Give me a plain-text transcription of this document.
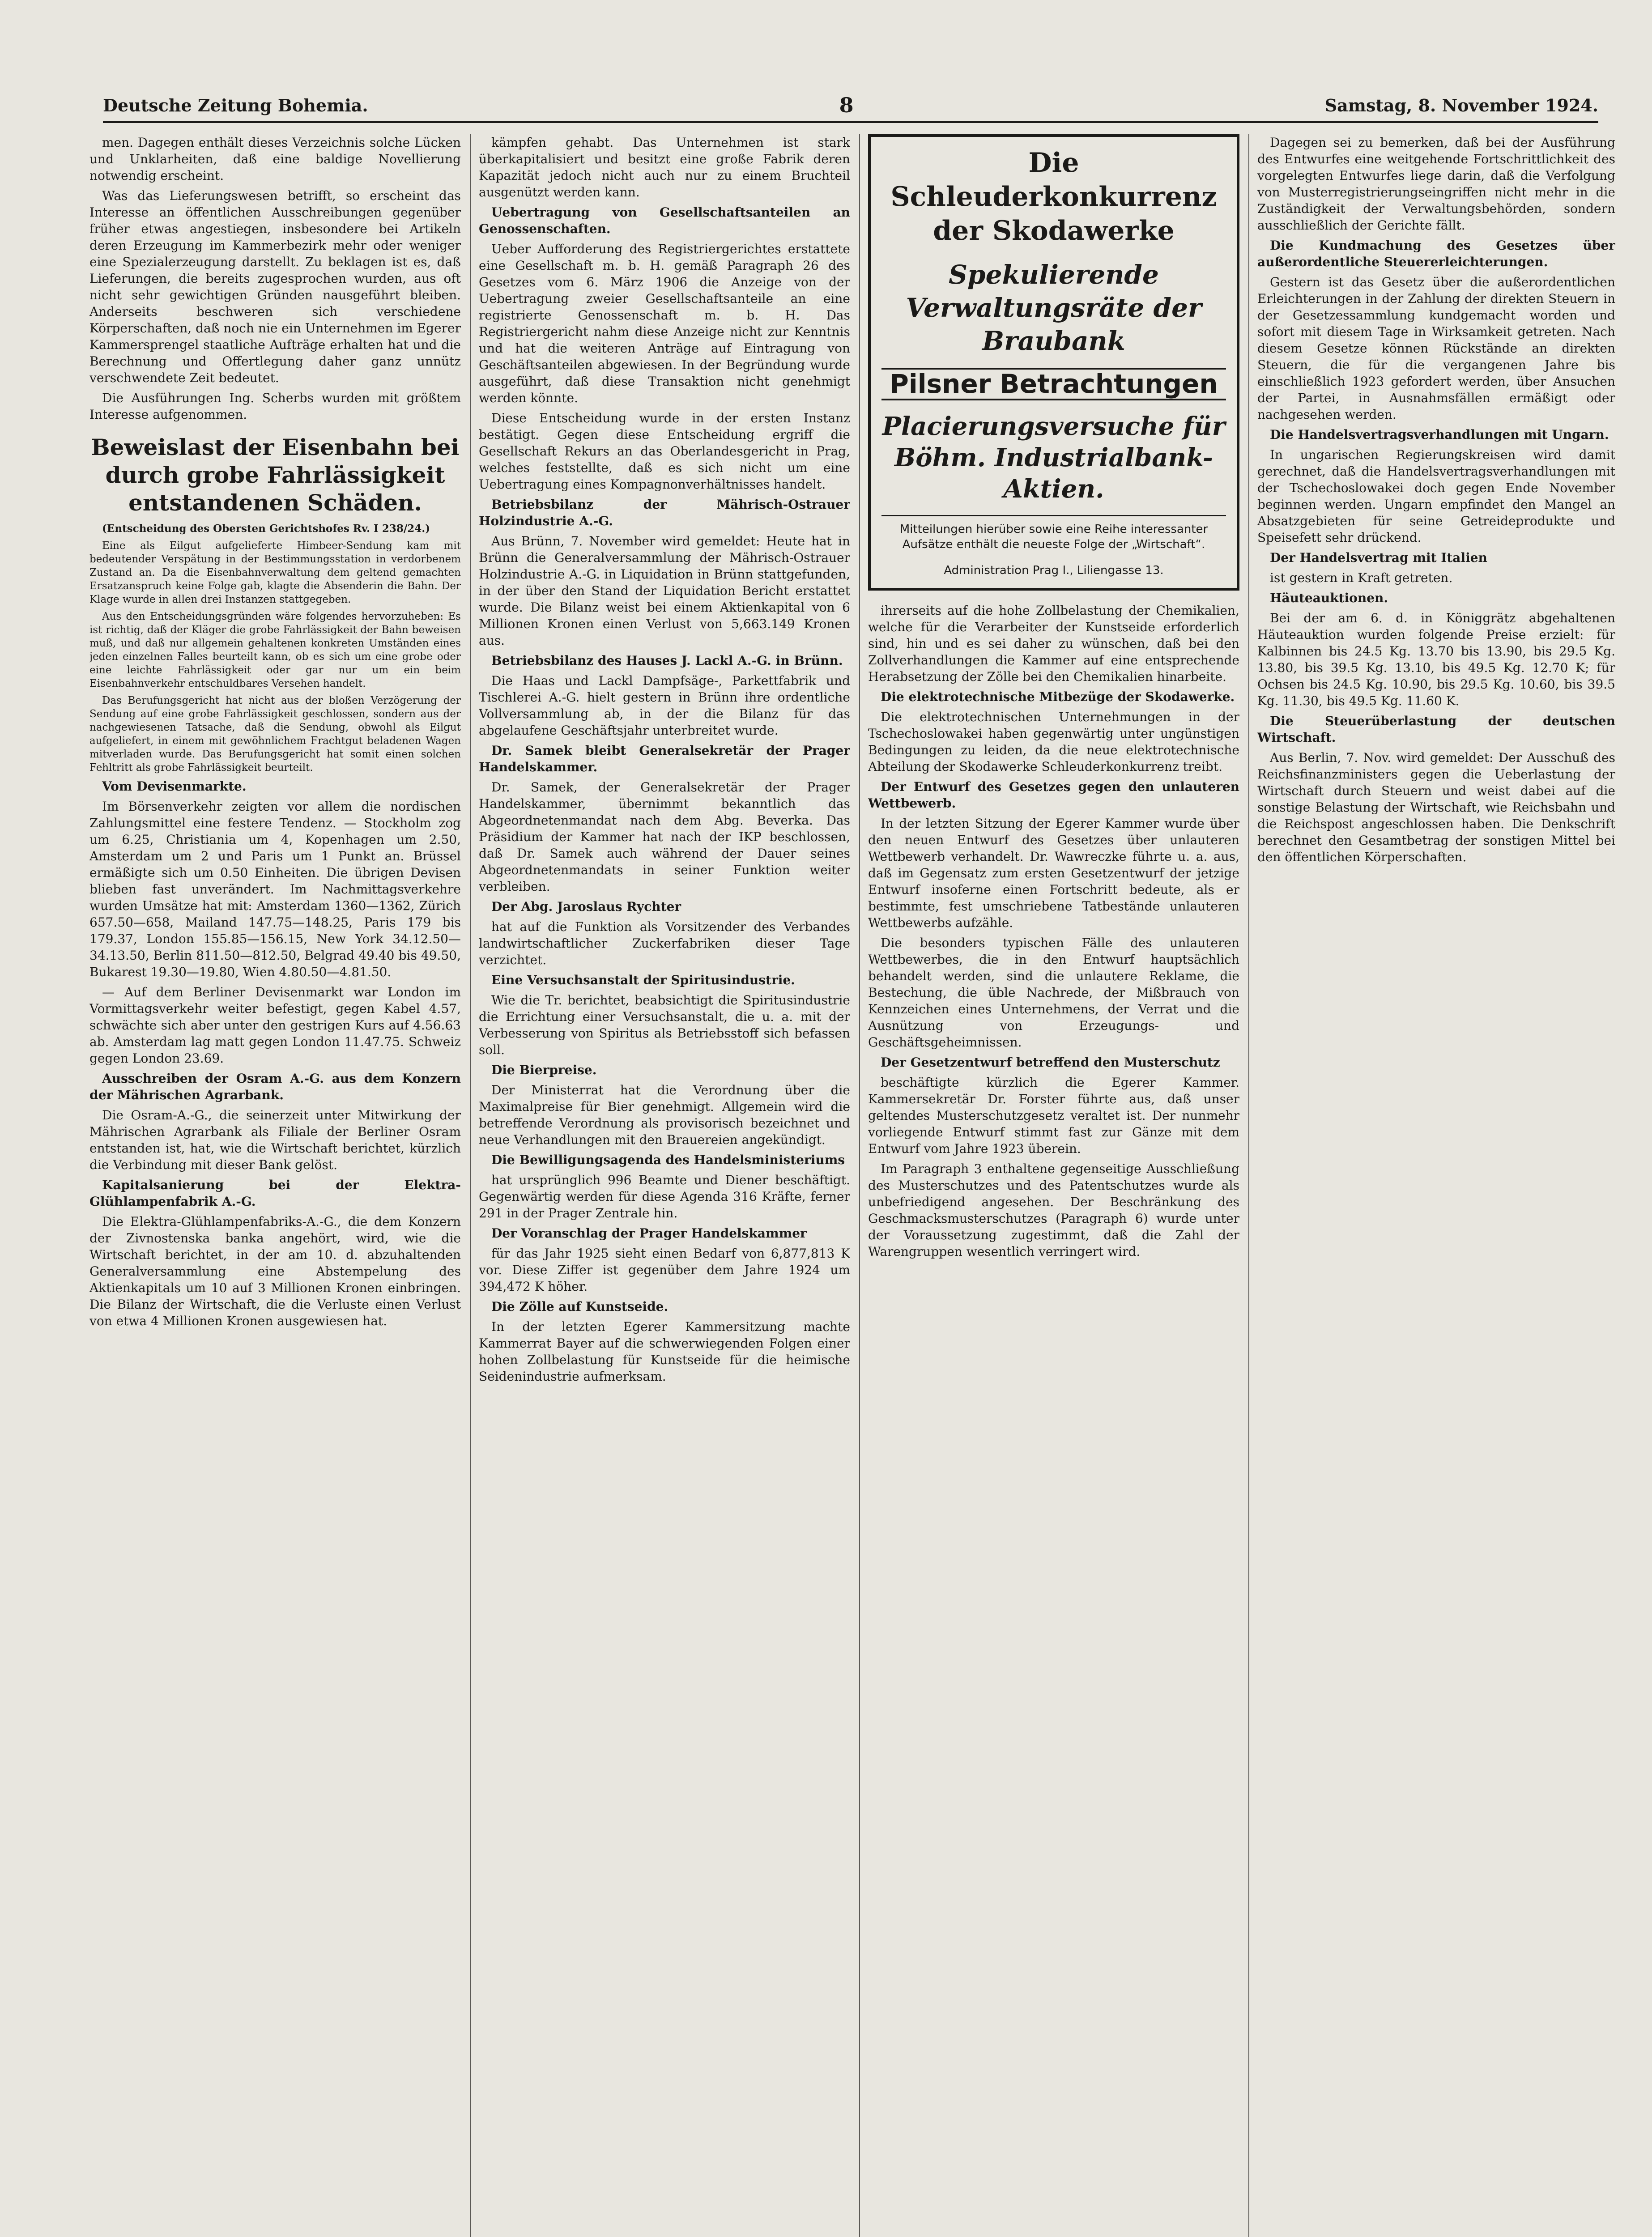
Deutsche Zeitung Bohemia.	8	Samstag, 8. November 1924.

men. Dagegen enthält dieses Verzeichnis solche Lücken und Unklarheiten, daß eine baldige Novellierung notwendig erscheint.

Was das Lieferungswesen betrifft, so erscheint das Interesse an öffentlichen Ausschreibungen gegenüber früher etwas angestiegen, insbesondere bei Artikeln deren Erzeugung im Kammerbezirk mehr oder weniger eine Spezialerzeugung darstellt. Zu beklagen ist es, daß Lieferungen, die bereits zugesprochen wurden, aus oft nicht sehr gewichtigen Gründen nausgeführt bleiben. Anderseits beschweren sich verschiedene Körperschaften, daß noch nie ein Unternehmen im Egerer Kammersprengel staatliche Aufträge erhalten hat und die Berechnung und Offertlegung daher ganz unnütz verschwendete Zeit bedeutet.

Die Ausführungen Ing. Scherbs wurden mit größtem Interesse aufgenommen.

Beweislast der Eisenbahn bei durch grobe Fahrlässigkeit entstandenen Schäden.

(Entscheidung des Obersten Gerichtshofes Rv. I 238/24.)

Eine als Eilgut aufgelieferte Himbeer-Sendung kam mit bedeutender Verspätung in der Bestimmungsstation in verdorbenem Zustand an. Da die Eisenbahnverwaltung dem geltend gemachten Ersatzanspruch keine Folge gab, klagte die Absenderin die Bahn. Der Klage wurde in allen drei Instanzen stattgegeben.

Aus den Entscheidungsgründen wäre folgendes hervorzuheben: Es ist richtig, daß der Kläger die grobe Fahrlässigkeit der Bahn beweisen muß, und daß nur allgemein gehaltenen konkreten Umständen eines jeden einzelnen Falles beurteilt kann, ob es sich um eine grobe oder eine leichte Fahrlässigkeit oder gar nur um ein beim Eisenbahnverkehr entschuldbares Versehen handelt.

Das Berufungsgericht hat nicht aus der bloßen Verzögerung der Sendung auf eine grobe Fahrlässigkeit geschlossen, sondern aus der nachgewiesenen Tatsache, daß die Sendung, obwohl als Eilgut aufgeliefert, in einem mit gewöhnlichem Frachtgut beladenen Wagen mitverladen wurde. Das Berufungsgericht hat somit einen solchen Fehltritt als grobe Fahrlässigkeit beurteilt.

Vom Devisenmarkte.

Im Börsenverkehr zeigten vor allem die nordischen Zahlungsmittel eine festere Tendenz. — Stockholm zog um 6.25, Christiania um 4, Kopenhagen um 2.50, Amsterdam um 2 und Paris um 1 Punkt an. Brüssel ermäßigte sich um 0.50 Einheiten. Die übrigen Devisen blieben fast unverändert. Im Nachmittagsverkehre wurden Umsätze hat mit: Amsterdam 1360—1362, Zürich 657.50—658, Mailand 147.75—148.25, Paris 179 bis 179.37, London 155.85—156.15, New York 34.12.50—34.13.50, Berlin 811.50—812.50, Belgrad 49.40 bis 49.50, Bukarest 19.30—19.80, Wien 4.80.50—4.81.50.

— Auf dem Berliner Devisenmarkt war London im Vormittagsverkehr weiter befestigt, gegen Kabel 4.57, schwächte sich aber unter den gestrigen Kurs auf 4.56.63 ab. Amsterdam lag matt gegen London 11.47.75. Schweiz gegen London 23.69.

Ausschreiben der Osram A.-G. aus dem Konzern der Mährischen Agrarbank.

Die Osram-A.-G., die seinerzeit unter Mitwirkung der Mährischen Agrarbank als Filiale der Berliner Osram entstanden ist, hat, wie die Wirtschaft berichtet, kürzlich die Verbindung mit dieser Bank gelöst.

Kapitalsanierung bei der Elektra-Glühlampenfabrik A.-G.

Die Elektra-Glühlampenfabriks-A.-G., die dem Konzern der Zivnostenska banka angehört, wird, wie die Wirtschaft berichtet, in der am 10. d. abzuhaltenden Generalversammlung eine Abstempelung des Aktienkapitals um 10 auf 3 Millionen Kronen einbringen. Die Bilanz der Wirtschaft, die die Verluste einen Verlust von etwa 4 Millionen Kronen ausgewiesen hat.

kämpfen gehabt. Das Unternehmen ist stark überkapitalisiert und besitzt eine große Fabrik deren Kapazität jedoch nicht auch nur zu einem Bruchteil ausgenützt werden kann.

Uebertragung von Gesellschaftsanteilen an Genossenschaften.

Ueber Aufforderung des Registriergerichtes erstattete eine Gesellschaft m. b. H. gemäß Paragraph 26 des Gesetzes vom 6. März 1906 die Anzeige von der Uebertragung zweier Gesellschaftsanteile an eine registrierte Genossenschaft m. b. H. Das Registriergericht nahm diese Anzeige nicht zur Kenntnis und hat die weiteren Anträge auf Eintragung von Geschäftsanteilen abgewiesen. In der Begründung wurde ausgeführt, daß diese Transaktion nicht genehmigt werden könnte.

Diese Entscheidung wurde in der ersten Instanz bestätigt. Gegen diese Entscheidung ergriff die Gesellschaft Rekurs an das Oberlandesgericht in Prag, welches feststellte, daß es sich nicht um eine Uebertragung eines Kompagnonverhältnisses handelt.

Betriebsbilanz der Mährisch-Ostrauer Holzindustrie A.-G.

Aus Brünn, 7. November wird gemeldet: Heute hat in Brünn die Generalversammlung der Mährisch-Ostrauer Holzindustrie A.-G. in Liquidation in Brünn stattgefunden, in der über den Stand der Liquidation Bericht erstattet wurde. Die Bilanz weist bei einem Aktienkapital von 6 Millionen Kronen einen Verlust von 5,663.149 Kronen aus.

Betriebsbilanz des Hauses J. Lackl A.-G. in Brünn.

Die Haas und Lackl Dampfsäge-, Parkettfabrik und Tischlerei A.-G. hielt gestern in Brünn ihre ordentliche Vollversammlung ab, in der die Bilanz für das abgelaufene Geschäftsjahr unterbreitet wurde.

Dr. Samek bleibt Generalsekretär der Prager Handelskammer.

Dr. Samek, der Generalsekretär der Prager Handelskammer, übernimmt bekanntlich das Abgeordnetenmandat nach dem Abg. Beverka. Das Präsidium der Kammer hat nach der IKP beschlossen, daß Dr. Samek auch während der Dauer seines Abgeordnetenmandats in seiner Funktion weiter verbleiben.

Der Abg. Jaroslaus Rychter

hat auf die Funktion als Vorsitzender des Verbandes landwirtschaftlicher Zuckerfabriken dieser Tage verzichtet.

Eine Versuchsanstalt der Spiritusindustrie.

Wie die Tr. berichtet, beabsichtigt die Spiritusindustrie die Errichtung einer Versuchsanstalt, die u. a. mit der Verbesserung von Spiritus als Betriebsstoff sich befassen soll.

Die Bierpreise.

Der Ministerrat hat die Verordnung über die Maximalpreise für Bier genehmigt. Allgemein wird die betreffende Verordnung als provisorisch bezeichnet und neue Verhandlungen mit den Brauereien angekündigt.

Die Bewilligungsagenda des Handelsministeriums

hat ursprünglich 996 Beamte und Diener beschäftigt. Gegenwärtig werden für diese Agenda 316 Kräfte, ferner 291 in der Prager Zentrale hin.

Der Voranschlag der Prager Handelskammer

für das Jahr 1925 sieht einen Bedarf von 6,877,813 K vor. Diese Ziffer ist gegenüber dem Jahre 1924 um 394,472 K höher.

Die Zölle auf Kunstseide.

In der letzten Egerer Kammersitzung machte Kammerrat Bayer auf die schwerwiegenden Folgen einer hohen Zollbelastung für Kunstseide für die heimische Seidenindustrie aufmerksam.

Die Schleuderkonkurrenz der Skodawerke
Spekulierende Verwaltungsräte der Braubank
Pilsner Betrachtungen
Placierungsversuche für Böhm. Industrialbank-Aktien.
Mitteilungen hierüber sowie eine Reihe interessanter Aufsätze enthält die neueste Folge der „Wirtschaft“.
Administration Prag I., Liliengasse 13.

ihrerseits auf die hohe Zollbelastung der Chemikalien, welche für die Verarbeiter der Kunstseide erforderlich sind, hin und es sei daher zu wünschen, daß bei den Zollverhandlungen die Kammer auf eine entsprechende Herabsetzung der Zölle bei den Chemikalien hinarbeite.

Die elektrotechnische Mitbezüge der Skodawerke.

Die elektrotechnischen Unternehmungen in der Tschechoslowakei haben gegenwärtig unter ungünstigen Bedingungen zu leiden, da die neue elektrotechnische Abteilung der Skodawerke Schleuderkonkurrenz treibt.

Der Entwurf des Gesetzes gegen den unlauteren Wettbewerb.

In der letzten Sitzung der Egerer Kammer wurde über den neuen Entwurf des Gesetzes über unlauteren Wettbewerb verhandelt. Dr. Wawreczke führte u. a. aus, daß im Gegensatz zum ersten Gesetzentwurf der jetzige Entwurf insoferne einen Fortschritt bedeute, als er bestimmte, fest umschriebene Tatbestände unlauteren Wettbewerbs aufzähle.

Die besonders typischen Fälle des unlauteren Wettbewerbes, die in den Entwurf hauptsächlich behandelt werden, sind die unlautere Reklame, die Bestechung, die üble Nachrede, der Mißbrauch von Kennzeichen eines Unternehmens, der Verrat und die Ausnützung von Erzeugungs- und Geschäftsgeheimnissen.

Der Gesetzentwurf betreffend den Musterschutz

beschäftigte kürzlich die Egerer Kammer. Kammersekretär Dr. Forster führte aus, daß unser geltendes Musterschutzgesetz veraltet ist. Der nunmehr vorliegende Entwurf stimmt fast zur Gänze mit dem Entwurf vom Jahre 1923 überein.

Im Paragraph 3 enthaltene gegenseitige Ausschließung des Musterschutzes und des Patentschutzes wurde als unbefriedigend angesehen. Der Beschränkung des Geschmacksmusterschutzes (Paragraph 6) wurde unter der Voraussetzung zugestimmt, daß die Zahl der Warengruppen wesentlich verringert wird.

Dagegen sei zu bemerken, daß bei der Ausführung des Entwurfes eine weitgehende Fortschrittlichkeit des vorgelegten Entwurfes liege darin, daß die Verfolgung von Musterregistrierungseingriffen nicht mehr in die Zuständigkeit der Verwaltungsbehörden, sondern ausschließlich der Gerichte fällt.

Die Kundmachung des Gesetzes über außerordentliche Steuererleichterungen.

Gestern ist das Gesetz über die außerordentlichen Erleichterungen in der Zahlung der direkten Steuern in der Gesetzessammlung kundgemacht worden und sofort mit diesem Tage in Wirksamkeit getreten. Nach diesem Gesetze können Rückstände an direkten Steuern, die für die vergangenen Jahre bis einschließlich 1923 gefordert werden, über Ansuchen der Partei, in Ausnahmsfällen ermäßigt oder nachgesehen werden.

Die Handelsvertragsverhandlungen mit Ungarn.

In ungarischen Regierungskreisen wird damit gerechnet, daß die Handelsvertragsverhandlungen mit der Tschechoslowakei doch gegen Ende November beginnen werden. Ungarn empfindet den Mangel an Absatzgebieten für seine Getreideprodukte und Speisefett sehr drückend.

Der Handelsvertrag mit Italien

ist gestern in Kraft getreten.

Häuteauktionen.

Bei der am 6. d. in Königgrätz abgehaltenen Häuteauktion wurden folgende Preise erzielt: für Kalbinnen bis 24.5 Kg. 13.70 bis 13.90, bis 29.5 Kg. 13.80, bis 39.5 Kg. 13.10, bis 49.5 Kg. 12.70 K; für Ochsen bis 24.5 Kg. 10.90, bis 29.5 Kg. 10.60, bis 39.5 Kg. 11.30, bis 49.5 Kg. 11.60 K.

Die Steuerüberlastung der deutschen Wirtschaft.

Aus Berlin, 7. Nov. wird gemeldet: Der Ausschuß des Reichsfinanzministers gegen die Ueberlastung der Wirtschaft durch Steuern und weist dabei auf die sonstige Belastung der Wirtschaft, wie Reichsbahn und die Reichspost angeschlossen haben. Die Denkschrift berechnet den Gesamtbetrag der sonstigen Mittel bei den öffentlichen Körperschaften.
